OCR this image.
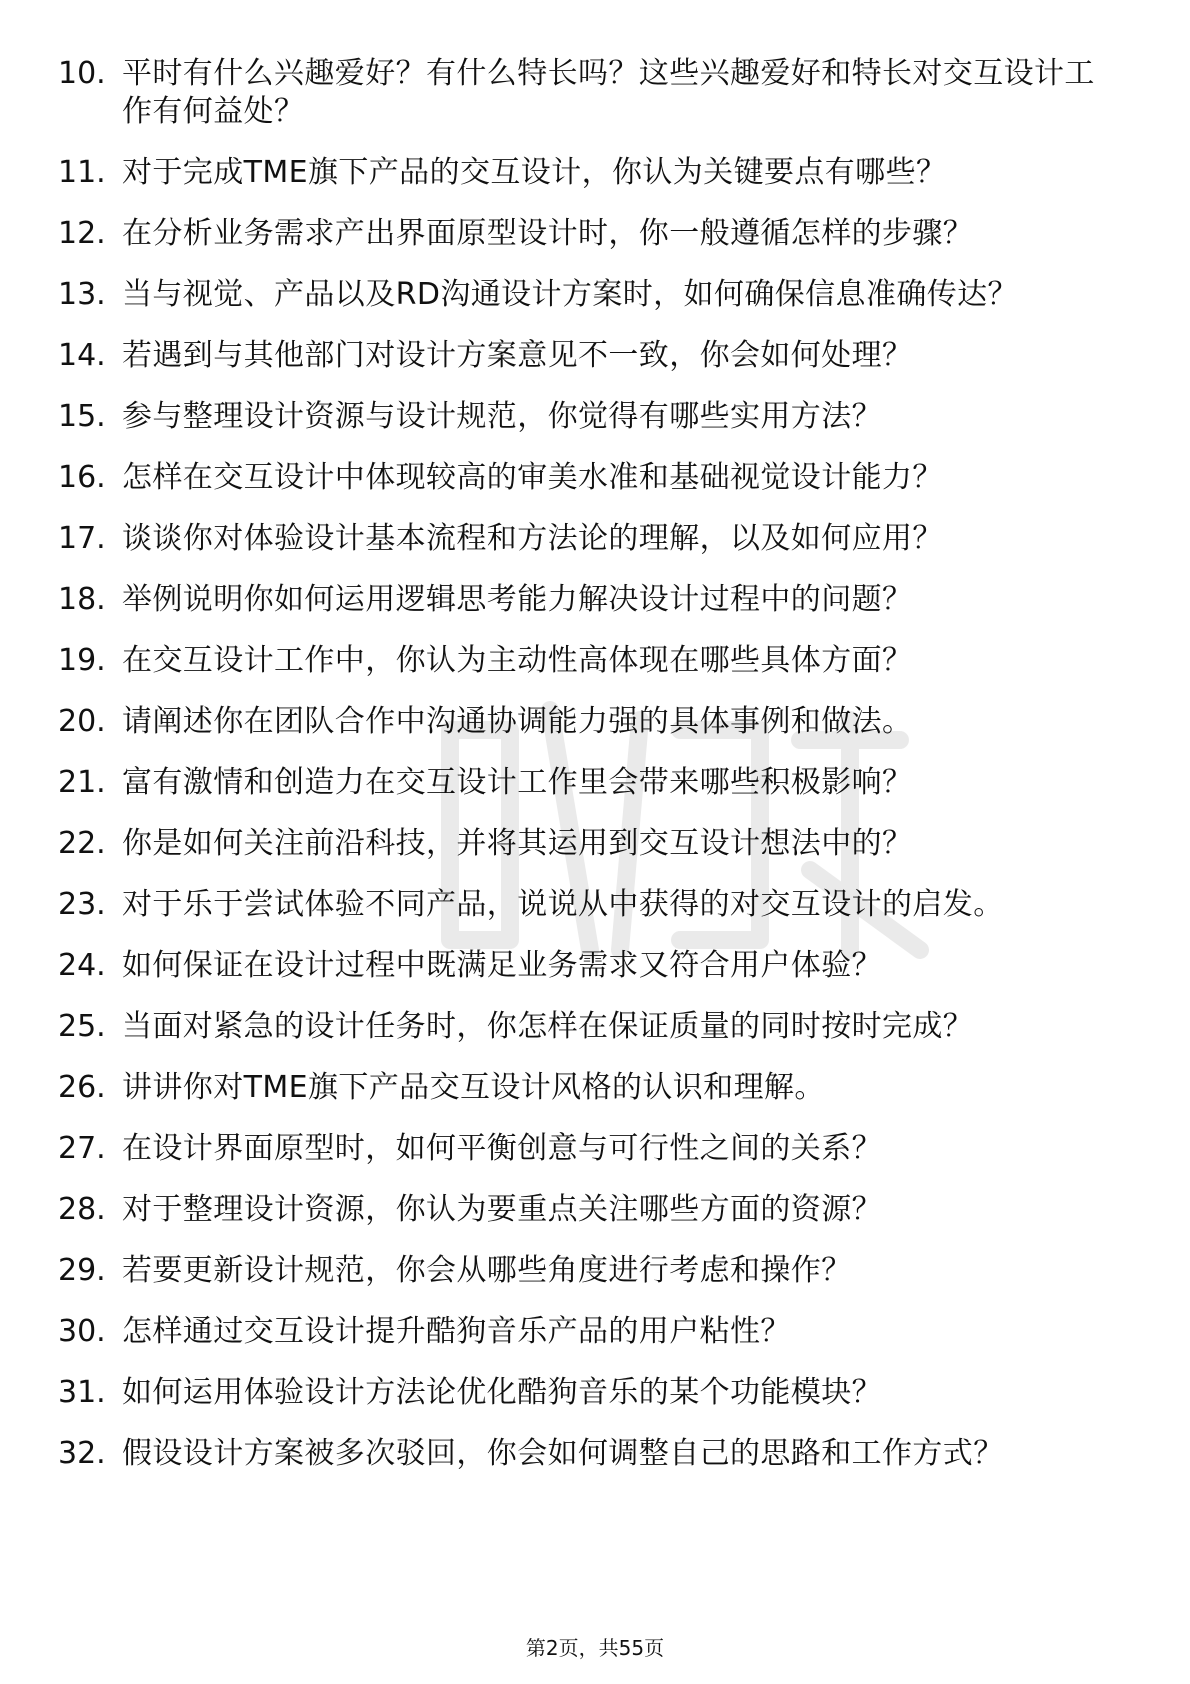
10. 平时有什么兴趣爱好？有什么特长吗？这些兴趣爱好和特长对交互设计工作有何益处？
11. 对于完成TME旗下产品的交互设计，你认为关键要点有哪些？
12. 在分析业务需求产出界面原型设计时，你一般遵循怎样的步骤？
13. 当与视觉、产品以及RD沟通设计方案时，如何确保信息准确传达？
14. 若遇到与其他部门对设计方案意见不一致，你会如何处理？
15. 参与整理设计资源与设计规范，你觉得有哪些实用方法？
16. 怎样在交互设计中体现较高的审美水准和基础视觉设计能力？
17. 谈谈你对体验设计基本流程和方法论的理解，以及如何应用？
18. 举例说明你如何运用逻辑思考能力解决设计过程中的问题？
19. 在交互设计工作中，你认为主动性高体现在哪些具体方面？
20. 请阐述你在团队合作中沟通协调能力强的具体事例和做法。
21. 富有激情和创造力在交互设计工作里会带来哪些积极影响？
22. 你是如何关注前沿科技，并将其运用到交互设计想法中的？
23. 对于乐于尝试体验不同产品，说说从中获得的对交互设计的启发。
24. 如何保证在设计过程中既满足业务需求又符合用户体验？
25. 当面对紧急的设计任务时，你怎样在保证质量的同时按时完成？
26. 讲讲你对TME旗下产品交互设计风格的认识和理解。
27. 在设计界面原型时，如何平衡创意与可行性之间的关系？
28. 对于整理设计资源，你认为要重点关注哪些方面的资源？
29. 若要更新设计规范，你会从哪些角度进行考虑和操作？
30. 怎样通过交互设计提升酷狗音乐产品的用户粘性？
31. 如何运用体验设计方法论优化酷狗音乐的某个功能模块？
32. 假设设计方案被多次驳回，你会如何调整自己的思路和工作方式？
第2页，共55页
